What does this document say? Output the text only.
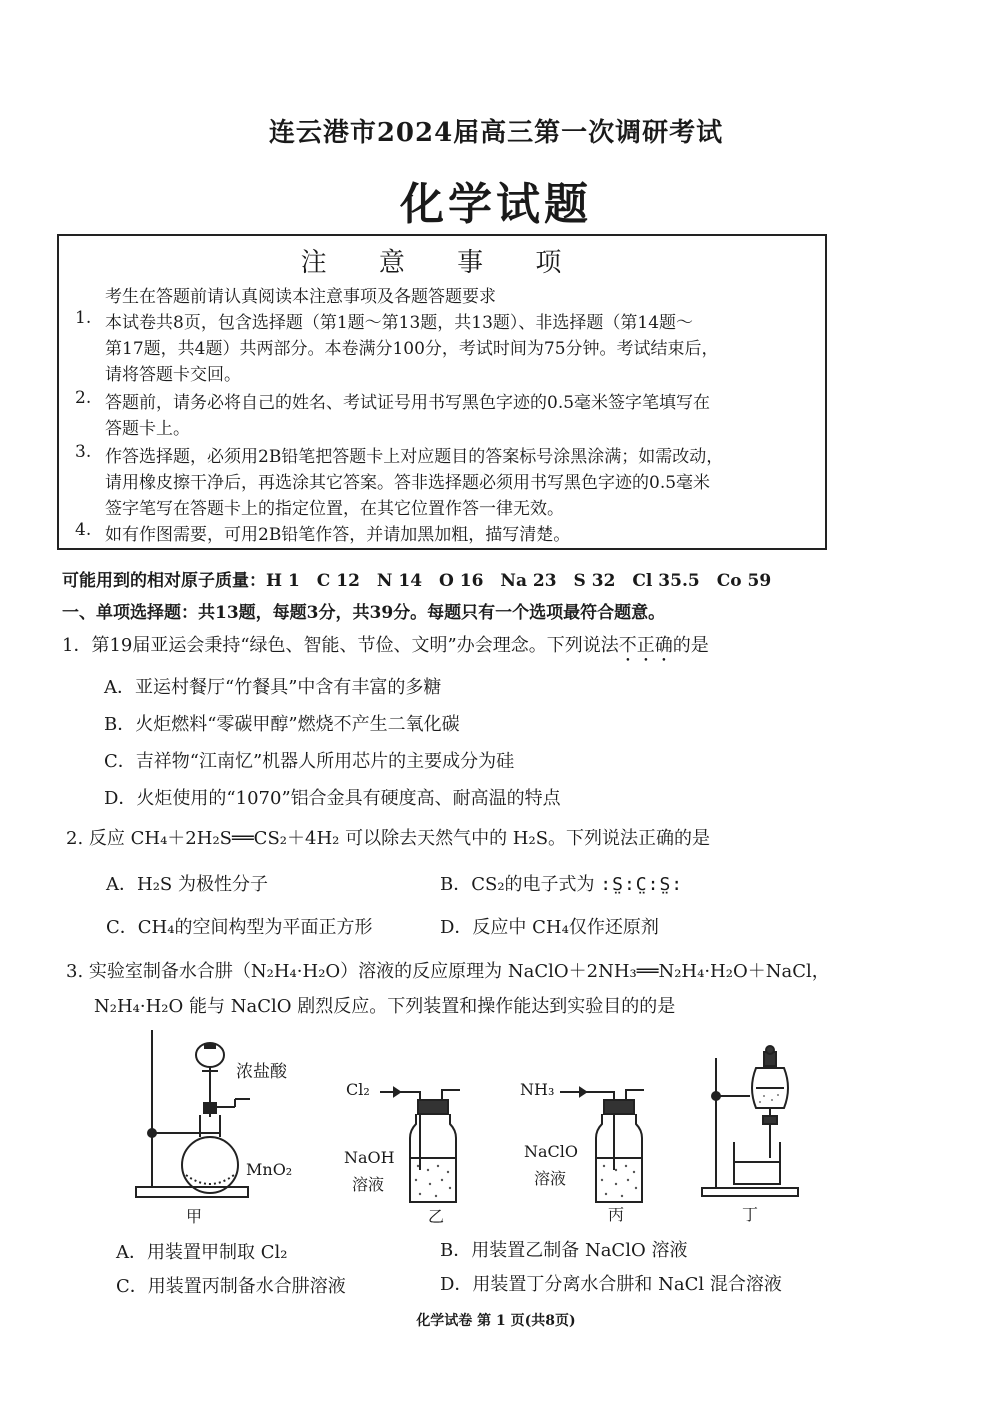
连云港市2024届高三第一次调研考试
化学试题
注 意 事 项
考生在答题前请认真阅读本注意事项及各题答题要求
1. 本试卷共8页，包含选择题（第1题～第13题，共13题）、非选择题（第14题～
第17题，共4题）共两部分。本卷满分100分，考试时间为75分钟。考试结束后，
请将答题卡交回。
2. 答题前，请务必将自己的姓名、考试证号用书写黑色字迹的0.5毫米签字笔填写在
答题卡上。
3. 作答选择题，必须用2B铅笔把答题卡上对应题目的答案标号涂黑涂满；如需改动，
请用橡皮擦干净后，再选涂其它答案。答非选择题必须用书写黑色字迹的0.5毫米
签字笔写在答题卡上的指定位置，在其它位置作答一律无效。
4. 如有作图需要，可用2B铅笔作答，并请加黑加粗，描写清楚。
可能用到的相对原子质量：H 1　C 12　N 14　O 16　Na 23　S 32　Cl 35.5　Co 59
一、单项选择题：共13题，每题3分，共39分。每题只有一个选项最符合题意。
1．第19届亚运会秉持“绿色、智能、节俭、文明”办会理念。下列说法不正确的是
A．亚运村餐厅“竹餐具”中含有丰富的多糖
B．火炬燃料“零碳甲醇”燃烧不产生二氧化碳
C．吉祥物“江南忆”机器人所用芯片的主要成分为硅
D．火炬使用的“1070”铝合金具有硬度高、耐高温的特点
2. 反应 CH₄＋2H₂S══CS₂＋4H₂ 可以除去天然气中的 H₂S。下列说法正确的是
A．H₂S 为极性分子	B．CS₂的电子式为 :S̤:C̤:S̤:
C．CH₄的空间构型为平面正方形	D．反应中 CH₄仅作还原剂
3. 实验室制备水合肼（N₂H₄·H₂O）溶液的反应原理为 NaClO＋2NH₃══N₂H₄·H₂O＋NaCl，
N₂H₄·H₂O 能与 NaClO 剧烈反应。下列装置和操作能达到实验目的的是
浓盐酸
MnO₂
Cl₂
NaOH
溶液
NH₃
NaClO
溶液
甲	乙	丙	丁
A．用装置甲制取 Cl₂	B．用装置乙制备 NaClO 溶液
C．用装置丙制备水合肼溶液	D．用装置丁分离水合肼和 NaCl 混合溶液
化学试卷 第 1 页(共8页)
